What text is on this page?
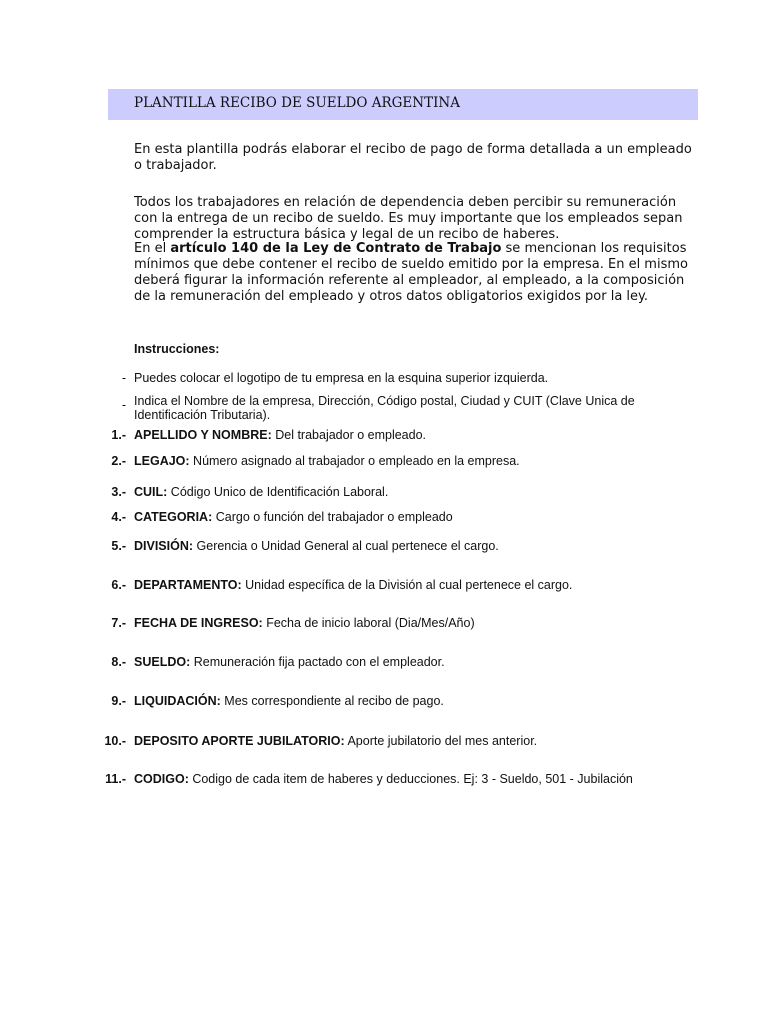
PLANTILLA RECIBO DE SUELDO ARGENTINA
En esta plantilla podrás elaborar el recibo de pago de forma detallada a un empleado o trabajador.
Todos los trabajadores en relación de dependencia deben percibir su remuneración con la entrega de un recibo de sueldo. Es muy importante que los empleados sepan comprender la estructura básica y legal de un recibo de haberes.
En el artículo 140 de la Ley de Contrato de Trabajo se mencionan los requisitos mínimos que debe contener el recibo de sueldo emitido por la empresa. En el mismo deberá figurar la información referente al empleador, al empleado, a la composición de la remuneración del empleado y otros datos obligatorios exigidos por la ley.
Instrucciones:
- Puedes colocar el logotipo de tu empresa en la esquina superior izquierda.
- Indica el Nombre de la empresa, Dirección, Código postal, Ciudad y CUIT (Clave Unica de Identificación Tributaria).
1.- APELLIDO Y NOMBRE: Del trabajador o empleado.
2.- LEGAJO: Número asignado al trabajador o empleado en la empresa.
3.- CUIL: Código Unico de Identificación Laboral.
4.- CATEGORIA: Cargo o función del trabajador o empleado
5.- DIVISIÓN: Gerencia o Unidad General al cual pertenece el cargo.
6.- DEPARTAMENTO: Unidad específica de la División al cual pertenece el cargo.
7.- FECHA DE INGRESO: Fecha de inicio laboral (Dia/Mes/Año)
8.- SUELDO: Remuneración fija pactado con el empleador.
9.- LIQUIDACIÓN: Mes correspondiente al recibo de pago.
10.- DEPOSITO APORTE JUBILATORIO: Aporte jubilatorio del mes anterior.
11.- CODIGO: Codigo de cada item de haberes y deducciones. Ej: 3 - Sueldo, 501 - Jubilación
